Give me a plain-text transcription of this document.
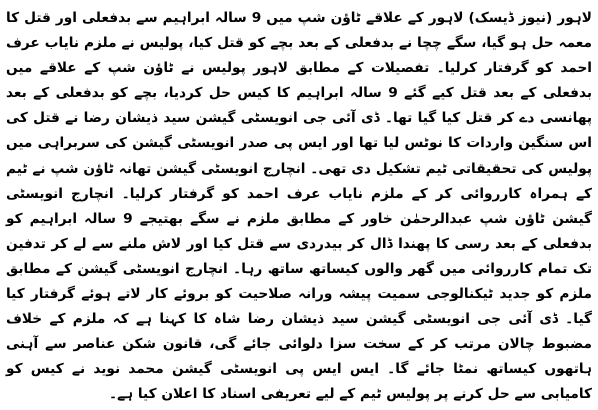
لاہور (نیوز ڈیسک) لاہور کے علاقے ٹاؤن شپ میں 9 سالہ ابراہیم سے بدفعلی اور قتل کا معمہ حل ہو گیا، سگے چچا نے بدفعلی کے بعد بچے کو قتل کیا، پولیس نے ملزم نایاب عرف احمد کو گرفتار کرلیا۔ تفصیلات کے مطابق لاہور پولیس نے ٹاؤن شپ کے علاقے میں بدفعلی کے بعد قتل کیے گئے 9 سالہ ابراہیم کا کیس حل کردیا، بچے کو بدفعلی کے بعد پھانسی دے کر قتل کیا گیا تھا۔ ڈی آئی جی انویسٹی گیشن سید ذیشان رضا نے قتل کی اس سنگین واردات کا نوٹس لیا تھا اور ایس پی صدر انویسٹی گیشن کی سربراہی میں پولیس کی تحقیقاتی ٹیم تشکیل دی تھی۔ انچارج انویسٹی گیشن تھانہ ٹاؤن شپ نے ٹیم کے ہمراہ کارروائی کر کے ملزم نایاب عرف احمد کو گرفتار کرلیا۔ انچارج انویسٹی گیشن ٹاؤن شپ عبدالرحمٰن خاور کے مطابق ملزم نے سگے بھتیجے 9 سالہ ابراہیم کو بدفعلی کے بعد رسی کا پھندا ڈال کر بیدردی سے قتل کیا اور لاش ملنے سے لے کر تدفین تک تمام کارروائی میں گھر والوں کیساتھ ساتھ رہا۔ انچارج انویسٹی گیشن کے مطابق ملزم کو جدید ٹیکنالوجی سمیت پیشہ ورانہ صلاحیت کو بروئے کار لاتے ہوئے گرفتار کیا گیا۔ ڈی آئی جی انویسٹی گیشن سید ذیشان رضا شاہ کا کہنا ہے کہ ملزم کے خلاف مضبوط چالان مرتب کر کے سخت سزا دلوائی جائے گی، قانون شکن عناصر سے آہنی ہاتھوں کیساتھ نمٹا جائے گا۔ ایس ایس پی انویسٹی گیشن محمد نوید نے کیس کو کامیابی سے حل کرنے پر پولیس ٹیم کے لیے تعریفی اسناد کا اعلان کیا ہے۔
